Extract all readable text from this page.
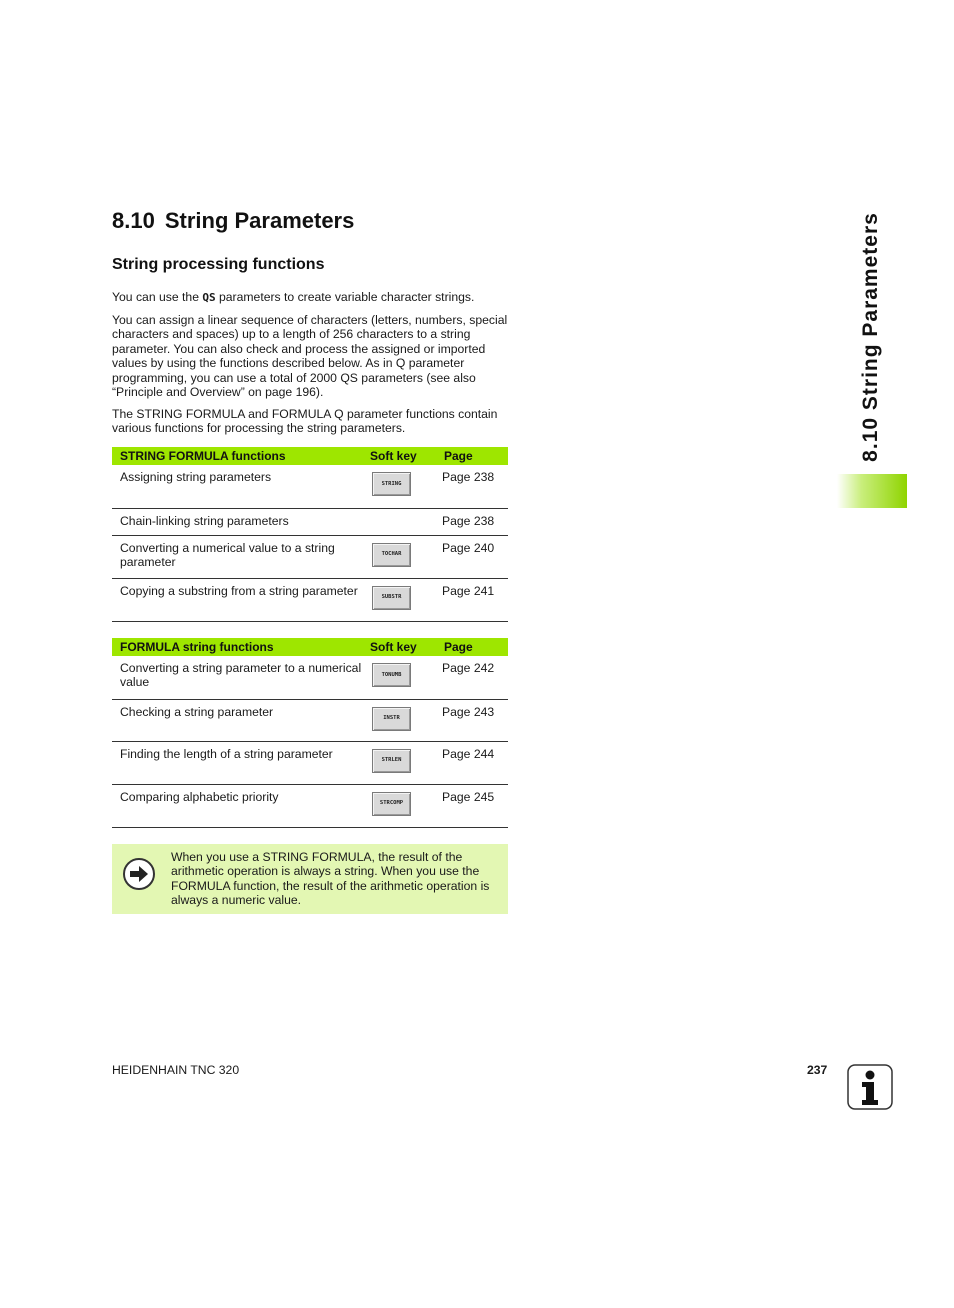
8.10 String Parameters
String processing functions

You can use the QS parameters to create variable character strings.

You can assign a linear sequence of characters (letters, numbers, special characters and spaces) up to a length of 256 characters to a string parameter. You can also check and process the assigned or imported values by using the functions described below. As in Q parameter programming, you can use a total of 2000 QS parameters (see also “Principle and Overview” on page 196).

The STRING FORMULA and FORMULA Q parameter functions contain various functions for processing the string parameters.

STRING FORMULA functions	Soft key	Page
Assigning string parameters	STRING	Page 238
Chain-linking string parameters		Page 238
Converting a numerical value to a string parameter	TOCHAR	Page 240
Copying a substring from a string parameter	SUBSTR	Page 241
FORMULA string functions	Soft key	Page
Converting a string parameter to a numerical value	TONUMB	Page 242
Checking a string parameter	INSTR	Page 243
Finding the length of a string parameter	STRLEN	Page 244
Comparing alphabetic priority	STRCOMP	Page 245
When you use a STRING FORMULA, the result of the arithmetic operation is always a string. When you use the FORMULA function, the result of the arithmetic operation is always a numeric value.
8.10 String Parameters
HEIDENHAIN TNC 320	237
